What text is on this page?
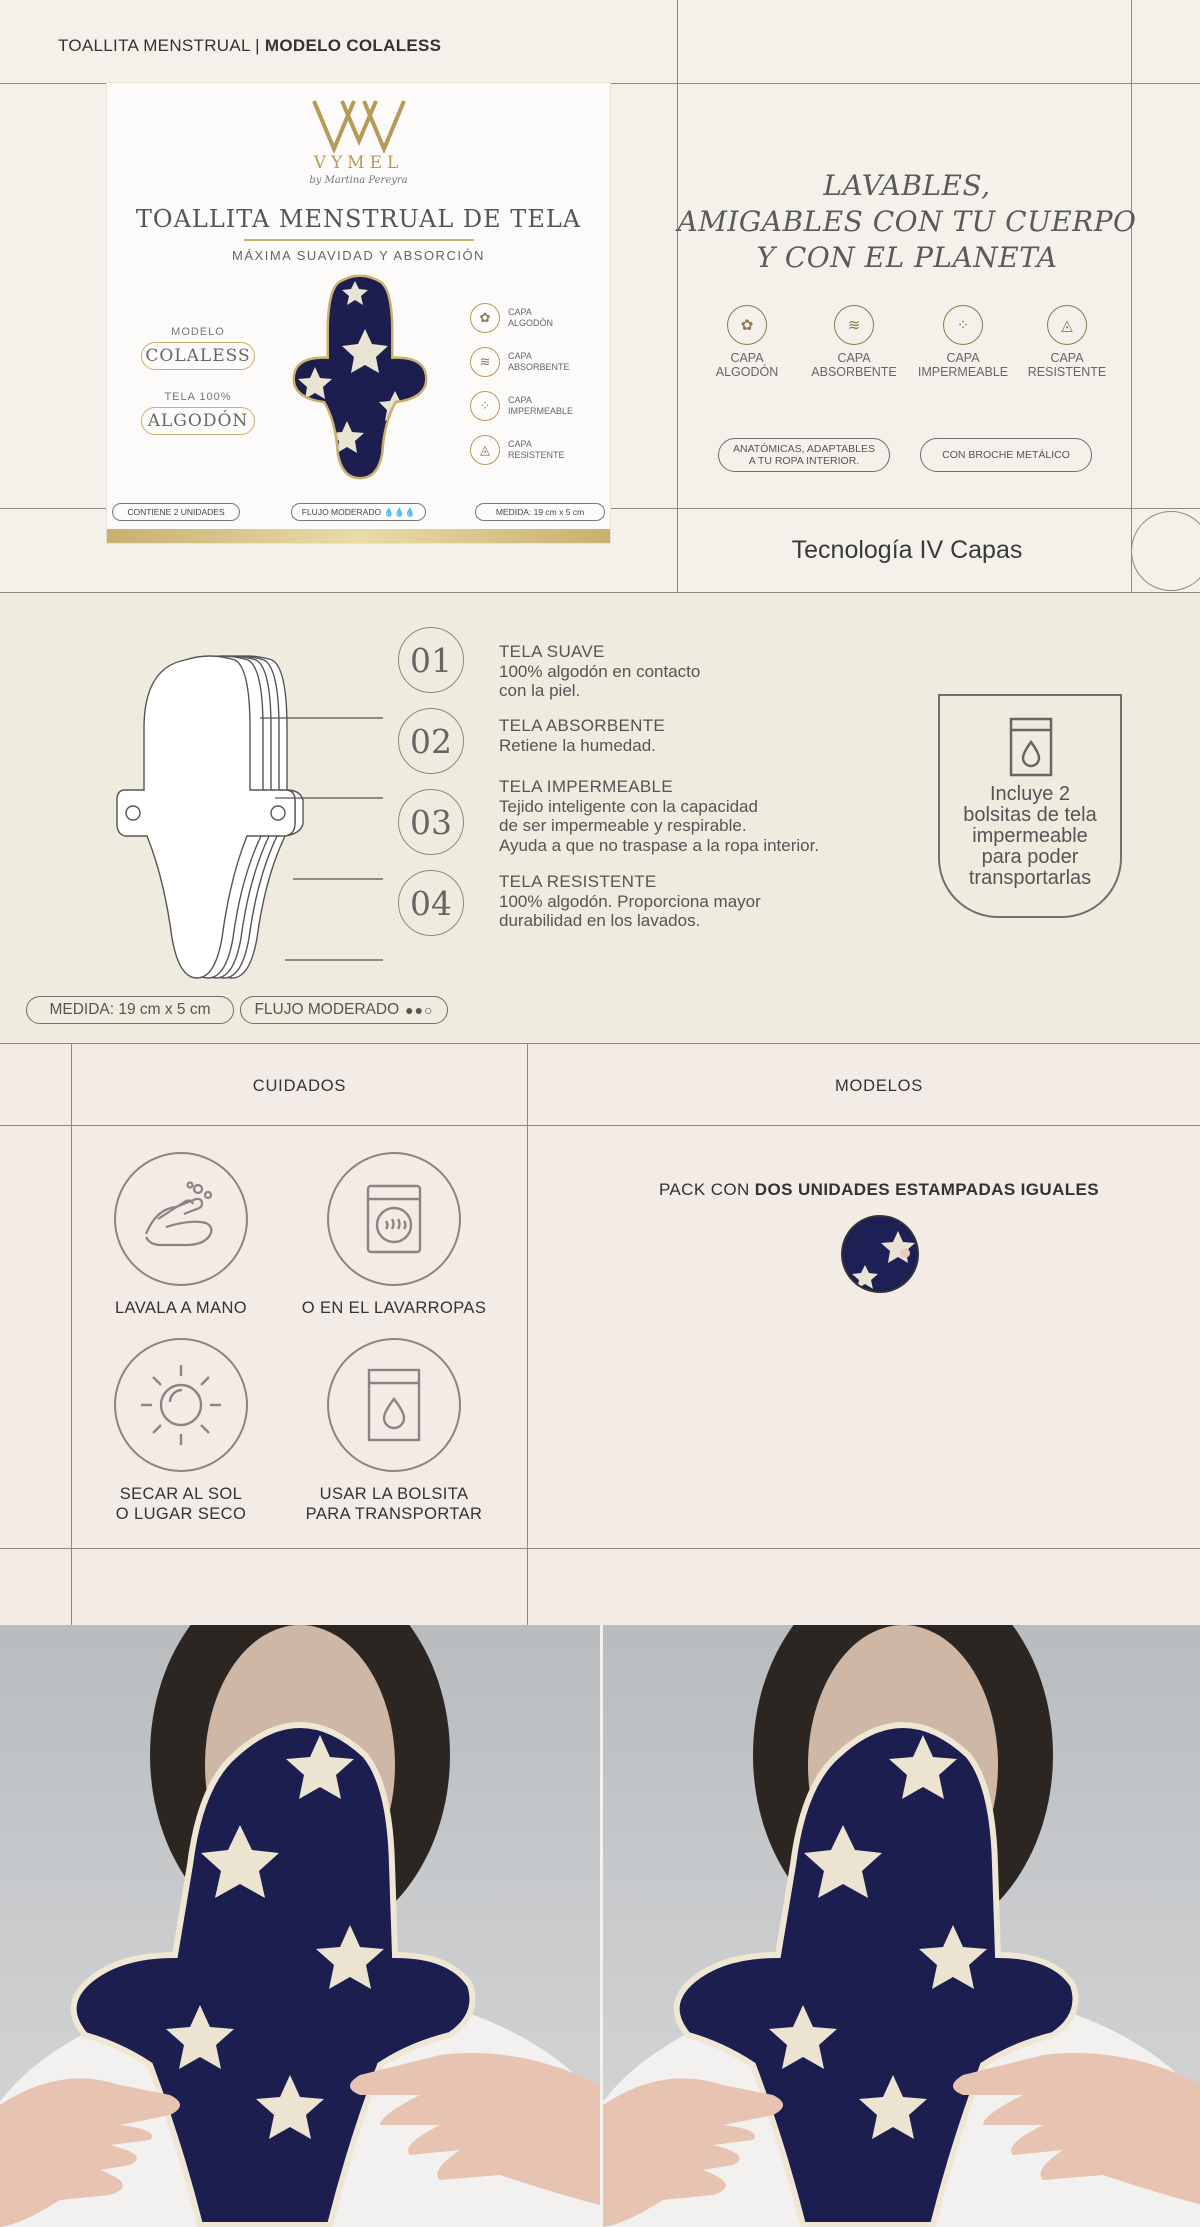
TOALLITA MENSTRUAL | MODELO COLALESS
VYMEL
by Martina Pereyra
TOALLITA MENSTRUAL DE TELA
MÁXIMA SUAVIDAD Y ABSORCIÓN
MODELO
COLALESS
TELA 100%
ALGODÓN
✿	CAPA
ALGODÓN
≋	CAPA
ABSORBENTE
⁘	CAPA
IMPERMEABLE
◬	CAPA
RESISTENTE
CONTIENE 2 UNIDADES	FLUJO MODERADO 💧💧💧	MEDIDA: 19 cm x 5 cm
LAVABLES,
AMIGABLES CON TU CUERPO
Y CON EL PLANETA
✿
CAPA
ALGODÓN
≋
CAPA
ABSORBENTE
⁘
CAPA
IMPERMEABLE
◬
CAPA
RESISTENTE
ANATÓMICAS, ADAPTABLES
A TU ROPA INTERIOR.	CON BROCHE METÁLICO
Tecnología IV Capas
01
02
03
04
TELA SUAVE
100% algodón en contacto
con la piel.
TELA ABSORBENTE
Retiene la humedad.
TELA IMPERMEABLE
Tejido inteligente con la capacidad
de ser impermeable y respirable.
Ayuda a que no traspase a la ropa interior.
TELA RESISTENTE
100% algodón. Proporciona mayor
durabilidad en los lavados.
Incluye 2
bolsitas de tela
impermeable
para poder
transportarlas
MEDIDA: 19 cm x 5 cm	FLUJO MODERADO ●●○
CUIDADOS	MODELOS
LAVALA A MANO	O EN EL LAVARROPAS
SECAR AL SOL
O LUGAR SECO
USAR LA BOLSITA
PARA TRANSPORTAR
PACK CON DOS UNIDADES ESTAMPADAS IGUALES
